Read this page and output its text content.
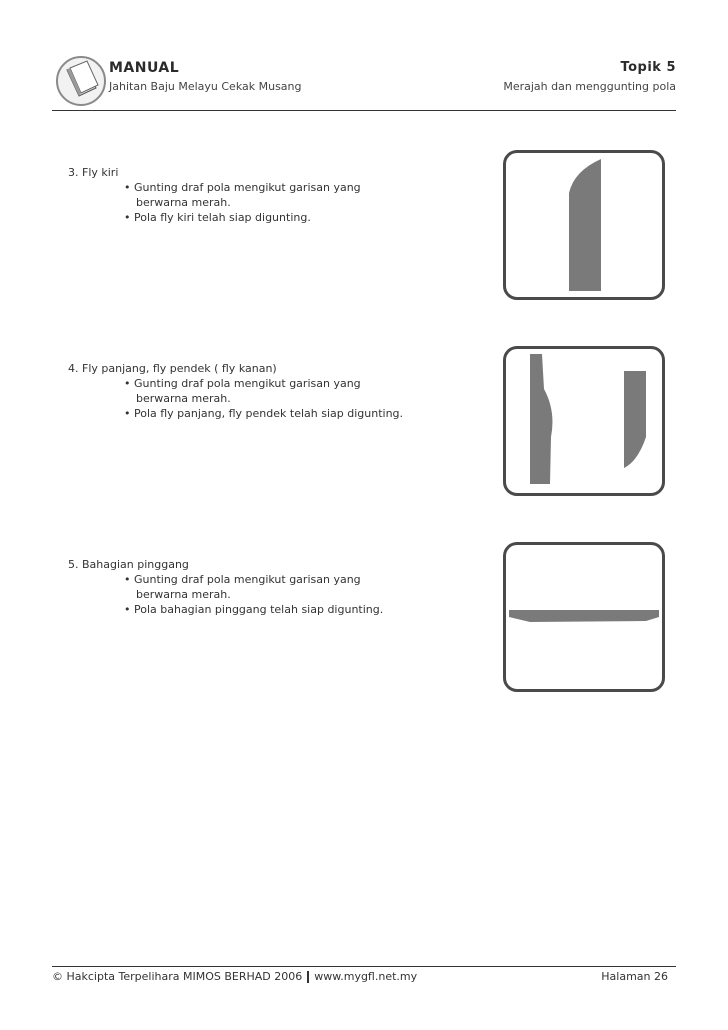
MANUAL
Jahitan Baju Melayu Cekak Musang
Topik 5
Merajah dan menggunting pola
3. Fly kiri
• Gunting draf pola mengikut garisan yang
berwarna merah.
• Pola fly kiri telah siap digunting.
4. Fly panjang, fly pendek ( fly kanan)
• Gunting draf pola mengikut garisan yang
berwarna merah.
• Pola fly panjang, fly pendek telah siap digunting.
5. Bahagian pinggang
• Gunting draf pola mengikut garisan yang
berwarna merah.
• Pola bahagian pinggang telah siap digunting.
© Hakcipta Terpelihara MIMOS BERHAD 2006 www.mygfl.net.my	Halaman 26
